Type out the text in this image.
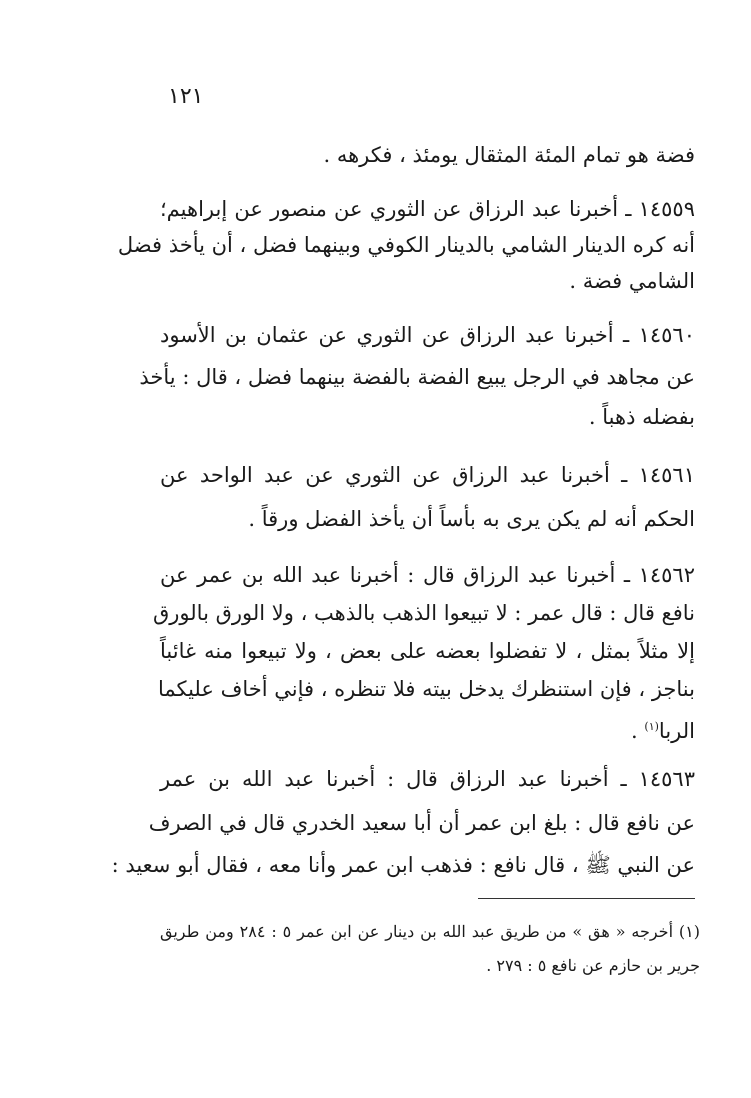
١٢١
فضة هو تمام المئة المثقال يومئذ ، فكرهه .
١٤٥٥٩ ـ أخبرنا عبد الرزاق عن الثوري عن منصور عن إبراهيم؛
أنه كره الدينار الشامي بالدينار الكوفي وبينهما فضل ، أن يأخذ فضل
الشامي فضة .
١٤٥٦٠ ـ أخبرنا عبد الرزاق عن الثوري عن عثمان بن الأسود
عن مجاهد في الرجل يبيع الفضة بالفضة بينهما فضل ، قال : يأخذ
بفضله ذهباً .
١٤٥٦١ ـ أخبرنا عبد الرزاق عن الثوري عن عبد الواحد عن
الحكم أنه لم يكن يرى به بأساً أن يأخذ الفضل ورقاً .
١٤٥٦٢ ـ أخبرنا عبد الرزاق قال : أخبرنا عبد الله بن عمر عن
نافع قال : قال عمر : لا تبيعوا الذهب بالذهب ، ولا الورق بالورق
إلا مثلاً بمثل ، لا تفضلوا بعضه على بعض ، ولا تبيعوا منه غائباً
بناجز ، فإن استنظرك يدخل بيته فلا تنظره ، فإني أخاف عليكما
الربا$^{(١)}$ .
١٤٥٦٣ ـ أخبرنا عبد الرزاق قال : أخبرنا عبد الله بن عمر
عن نافع قال : بلغ ابن عمر أن أبا سعيد الخدري قال في الصرف
عن النبي ﷺ ، قال نافع : فذهب ابن عمر وأنا معه ، فقال أبو سعيد :
(١) أخرجه « هق » من طريق عبد الله بن دينار عن ابن عمر ٥ : ٢٨٤ ومن طريق
جرير بن حازم عن نافع ٥ : ٢٧٩ .
